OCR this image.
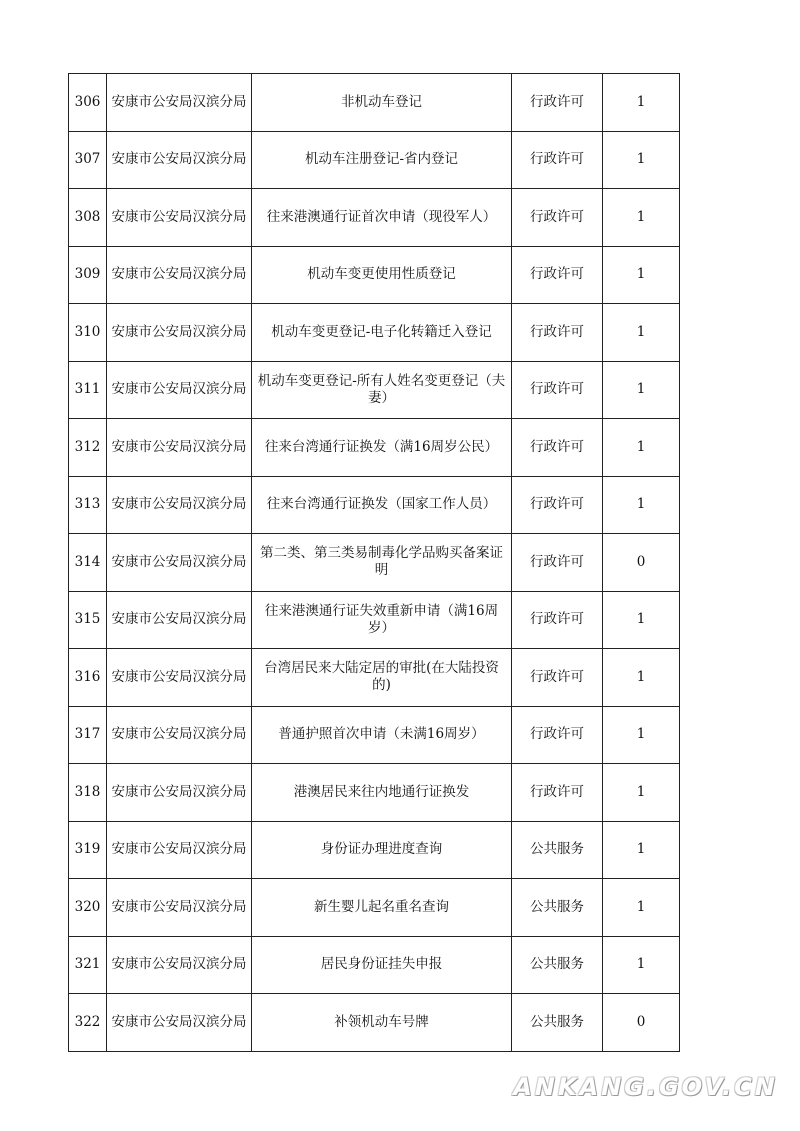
306	安康市公安局汉滨分局	非机动车登记	行政许可	1
307	安康市公安局汉滨分局	机动车注册登记-省内登记	行政许可	1
308	安康市公安局汉滨分局	往来港澳通行证首次申请（现役军人）	行政许可	1
309	安康市公安局汉滨分局	机动车变更使用性质登记	行政许可	1
310	安康市公安局汉滨分局	机动车变更登记-电子化转籍迁入登记	行政许可	1
311	安康市公安局汉滨分局	机动车变更登记-所有人姓名变更登记（夫妻）	行政许可	1
312	安康市公安局汉滨分局	往来台湾通行证换发（满16周岁公民）	行政许可	1
313	安康市公安局汉滨分局	往来台湾通行证换发（国家工作人员）	行政许可	1
314	安康市公安局汉滨分局	第二类、第三类易制毒化学品购买备案证明	行政许可	0
315	安康市公安局汉滨分局	往来港澳通行证失效重新申请（满16周岁）	行政许可	1
316	安康市公安局汉滨分局	台湾居民来大陆定居的审批(在大陆投资的)	行政许可	1
317	安康市公安局汉滨分局	普通护照首次申请（未满16周岁）	行政许可	1
318	安康市公安局汉滨分局	港澳居民来往内地通行证换发	行政许可	1
319	安康市公安局汉滨分局	身份证办理进度查询	公共服务	1
320	安康市公安局汉滨分局	新生婴儿起名重名查询	公共服务	1
321	安康市公安局汉滨分局	居民身份证挂失申报	公共服务	1
322	安康市公安局汉滨分局	补领机动车号牌	公共服务	0
ANKANG.GOV.CN
